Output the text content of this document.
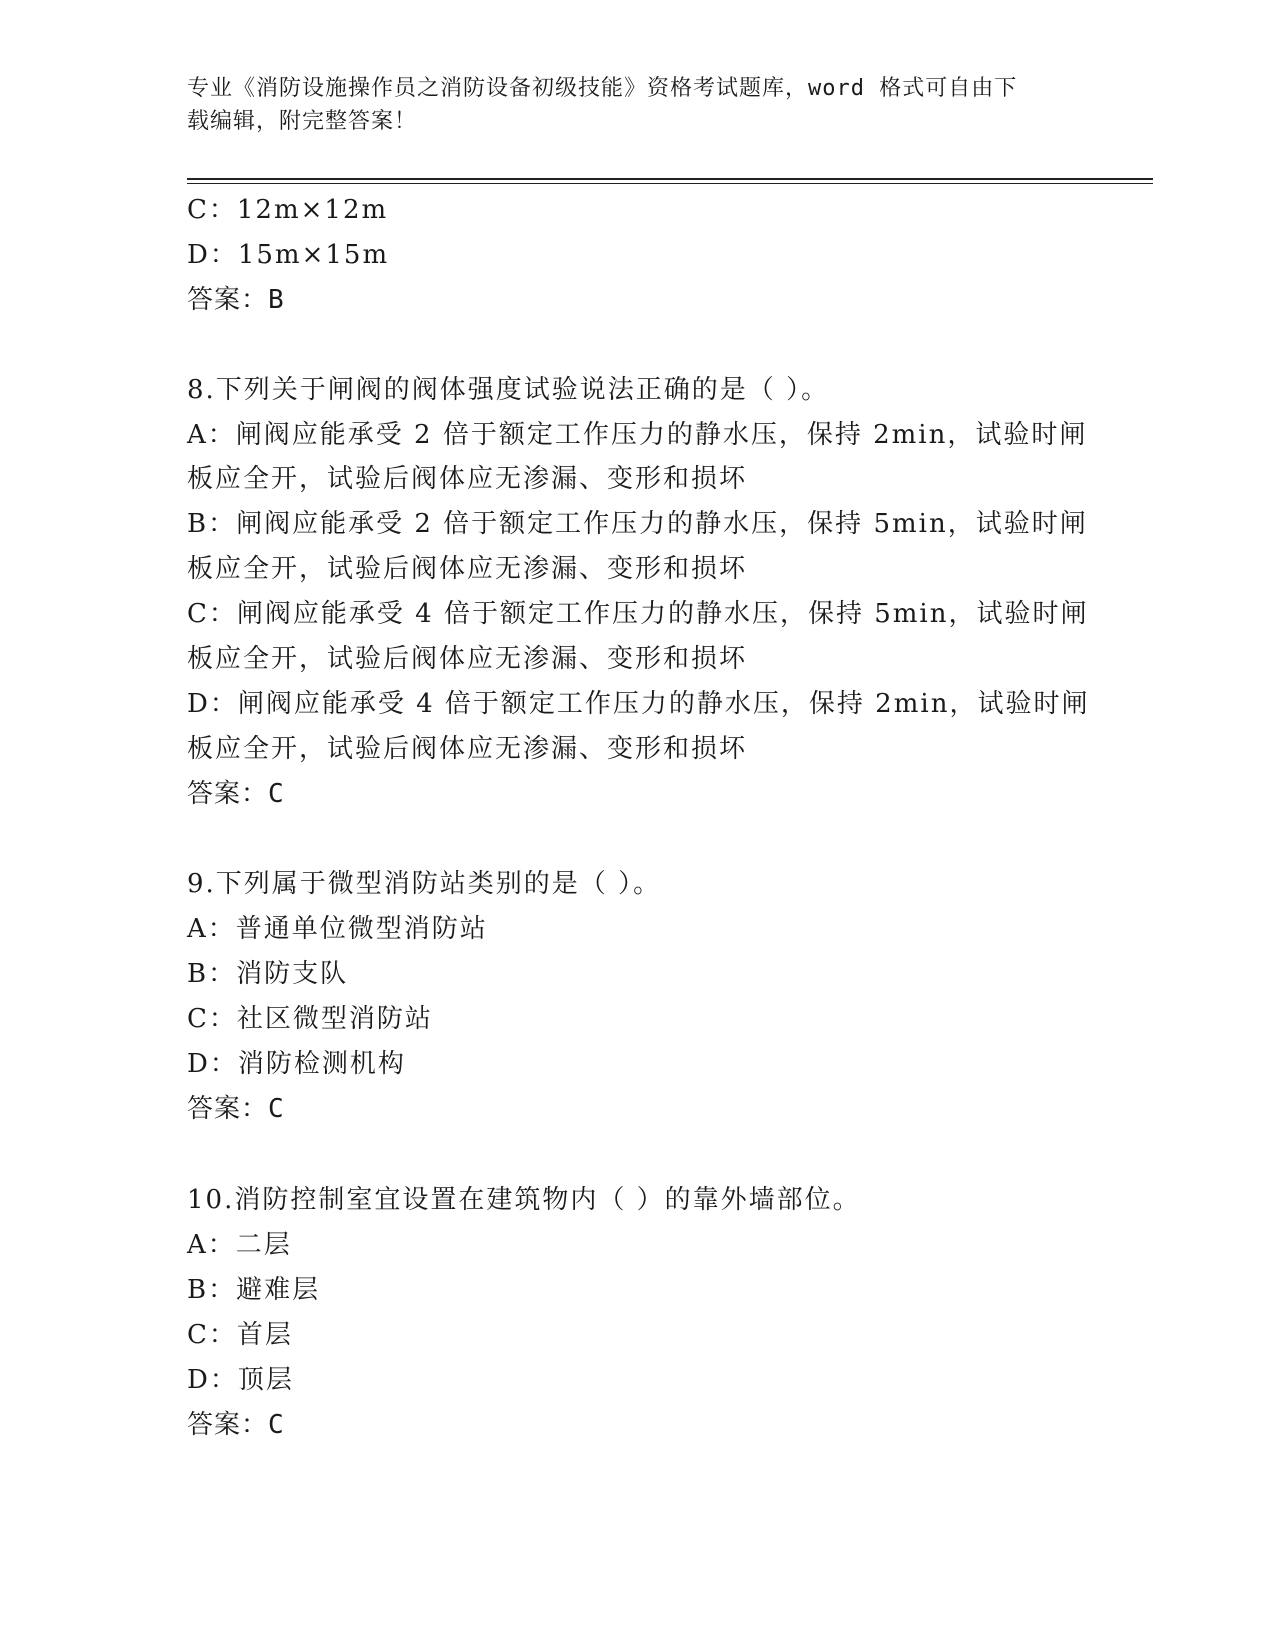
专业《消防设施操作员之消防设备初级技能》资格考试题库，word 格式可自由下
载编辑，附完整答案！
C：12m×12m
D：15m×15m
答案：B
8.下列关于闸阀的阀体强度试验说法正确的是（ ）。
A：闸阀应能承受 2 倍于额定工作压力的静水压，保持 2min，试验时闸
板应全开，试验后阀体应无渗漏、变形和损坏
B：闸阀应能承受 2 倍于额定工作压力的静水压，保持 5min，试验时闸
板应全开，试验后阀体应无渗漏、变形和损坏
C：闸阀应能承受 4 倍于额定工作压力的静水压，保持 5min，试验时闸
板应全开，试验后阀体应无渗漏、变形和损坏
D：闸阀应能承受 4 倍于额定工作压力的静水压，保持 2min，试验时闸
板应全开，试验后阀体应无渗漏、变形和损坏
答案：C
9.下列属于微型消防站类别的是（ ）。
A：普通单位微型消防站
B：消防支队
C：社区微型消防站
D：消防检测机构
答案：C
10.消防控制室宜设置在建筑物内（ ）的靠外墙部位。
A：二层
B：避难层
C：首层
D：顶层
答案：C
